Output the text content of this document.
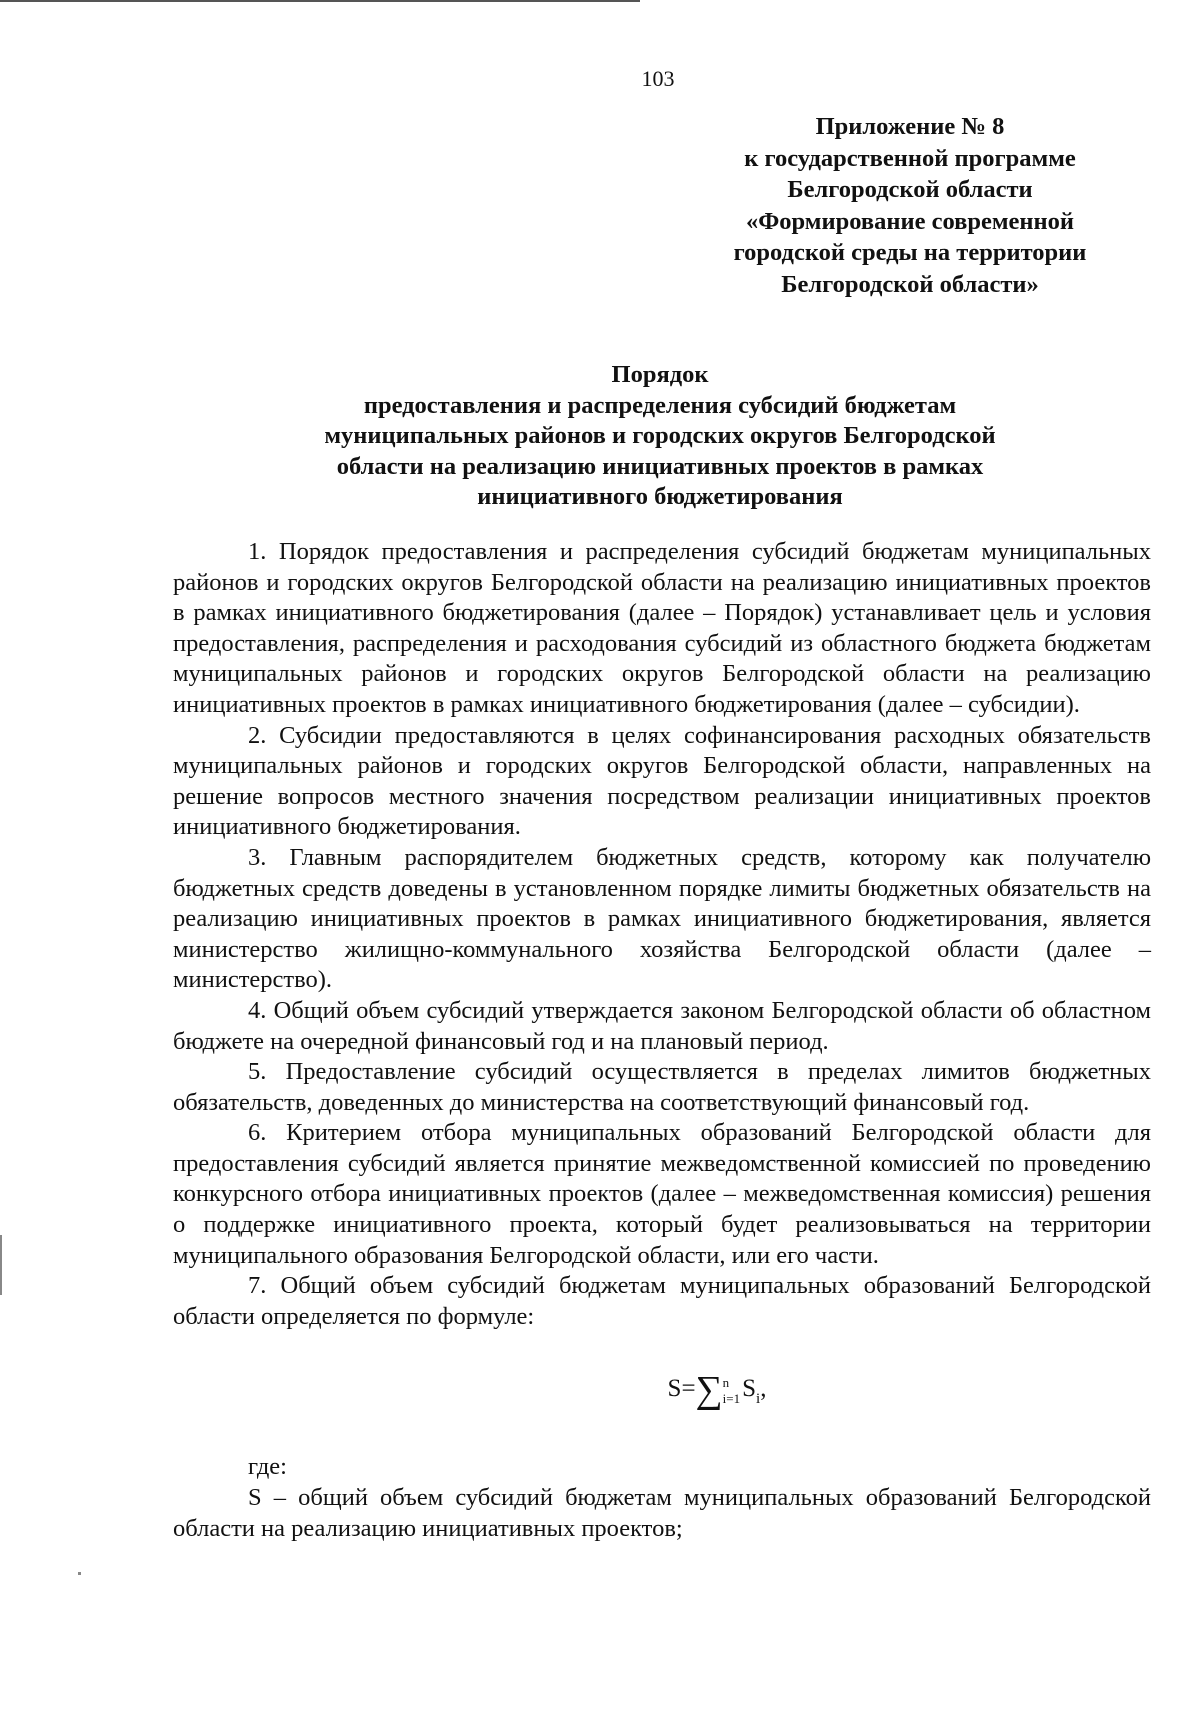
103
Приложение № 8
к государственной программе
Белгородской области
«Формирование современной
городской среды на территории
Белгородской области»
Порядок
предоставления и распределения субсидий бюджетам
муниципальных районов и городских округов Белгородской
области на реализацию инициативных проектов в рамках
инициативного бюджетирования

1. Порядок предоставления и распределения субсидий бюджетам муниципальных районов и городских округов Белгородской области на реализацию инициативных проектов в рамках инициативного бюджетирования (далее – Порядок) устанавливает цель и условия предоставления, распределения и расходования субсидий из областного бюджета бюджетам муниципальных районов и городских округов Белгородской области на реализацию инициативных проектов в рамках инициативного бюджетирования (далее – субсидии).

2. Субсидии предоставляются в целях софинансирования расходных обязательств муниципальных районов и городских округов Белгородской области, направленных на решение вопросов местного значения посредством реализации инициативных проектов инициативного бюджетирования.

3. Главным распорядителем бюджетных средств, которому как получателю бюджетных средств доведены в установленном порядке лимиты бюджетных обязательств на реализацию инициативных проектов в рамках инициативного бюджетирования, является министерство жилищно-коммунального хозяйства Белгородской области (далее – министерство).

4. Общий объем субсидий утверждается законом Белгородской области об областном бюджете на очередной финансовый год и на плановый период.

5. Предоставление субсидий осуществляется в пределах лимитов бюджетных обязательств, доведенных до министерства на соответствующий финансовый год.

6. Критерием отбора муниципальных образований Белгородской области для предоставления субсидий является принятие межведомственной комиссией по проведению конкурсного отбора инициативных проектов (далее – межведомственная комиссия) решения о поддержке инициативного проекта, который будет реализовываться на территории муниципального образования Белгородской области, или его части.

7. Общий объем субсидий бюджетам муниципальных образований Белгородской области определяется по формуле:

S=∑n
$i=1S_i$,

где:

S – общий объем субсидий бюджетам муниципальных образований Белгородской области на реализацию инициативных проектов;
